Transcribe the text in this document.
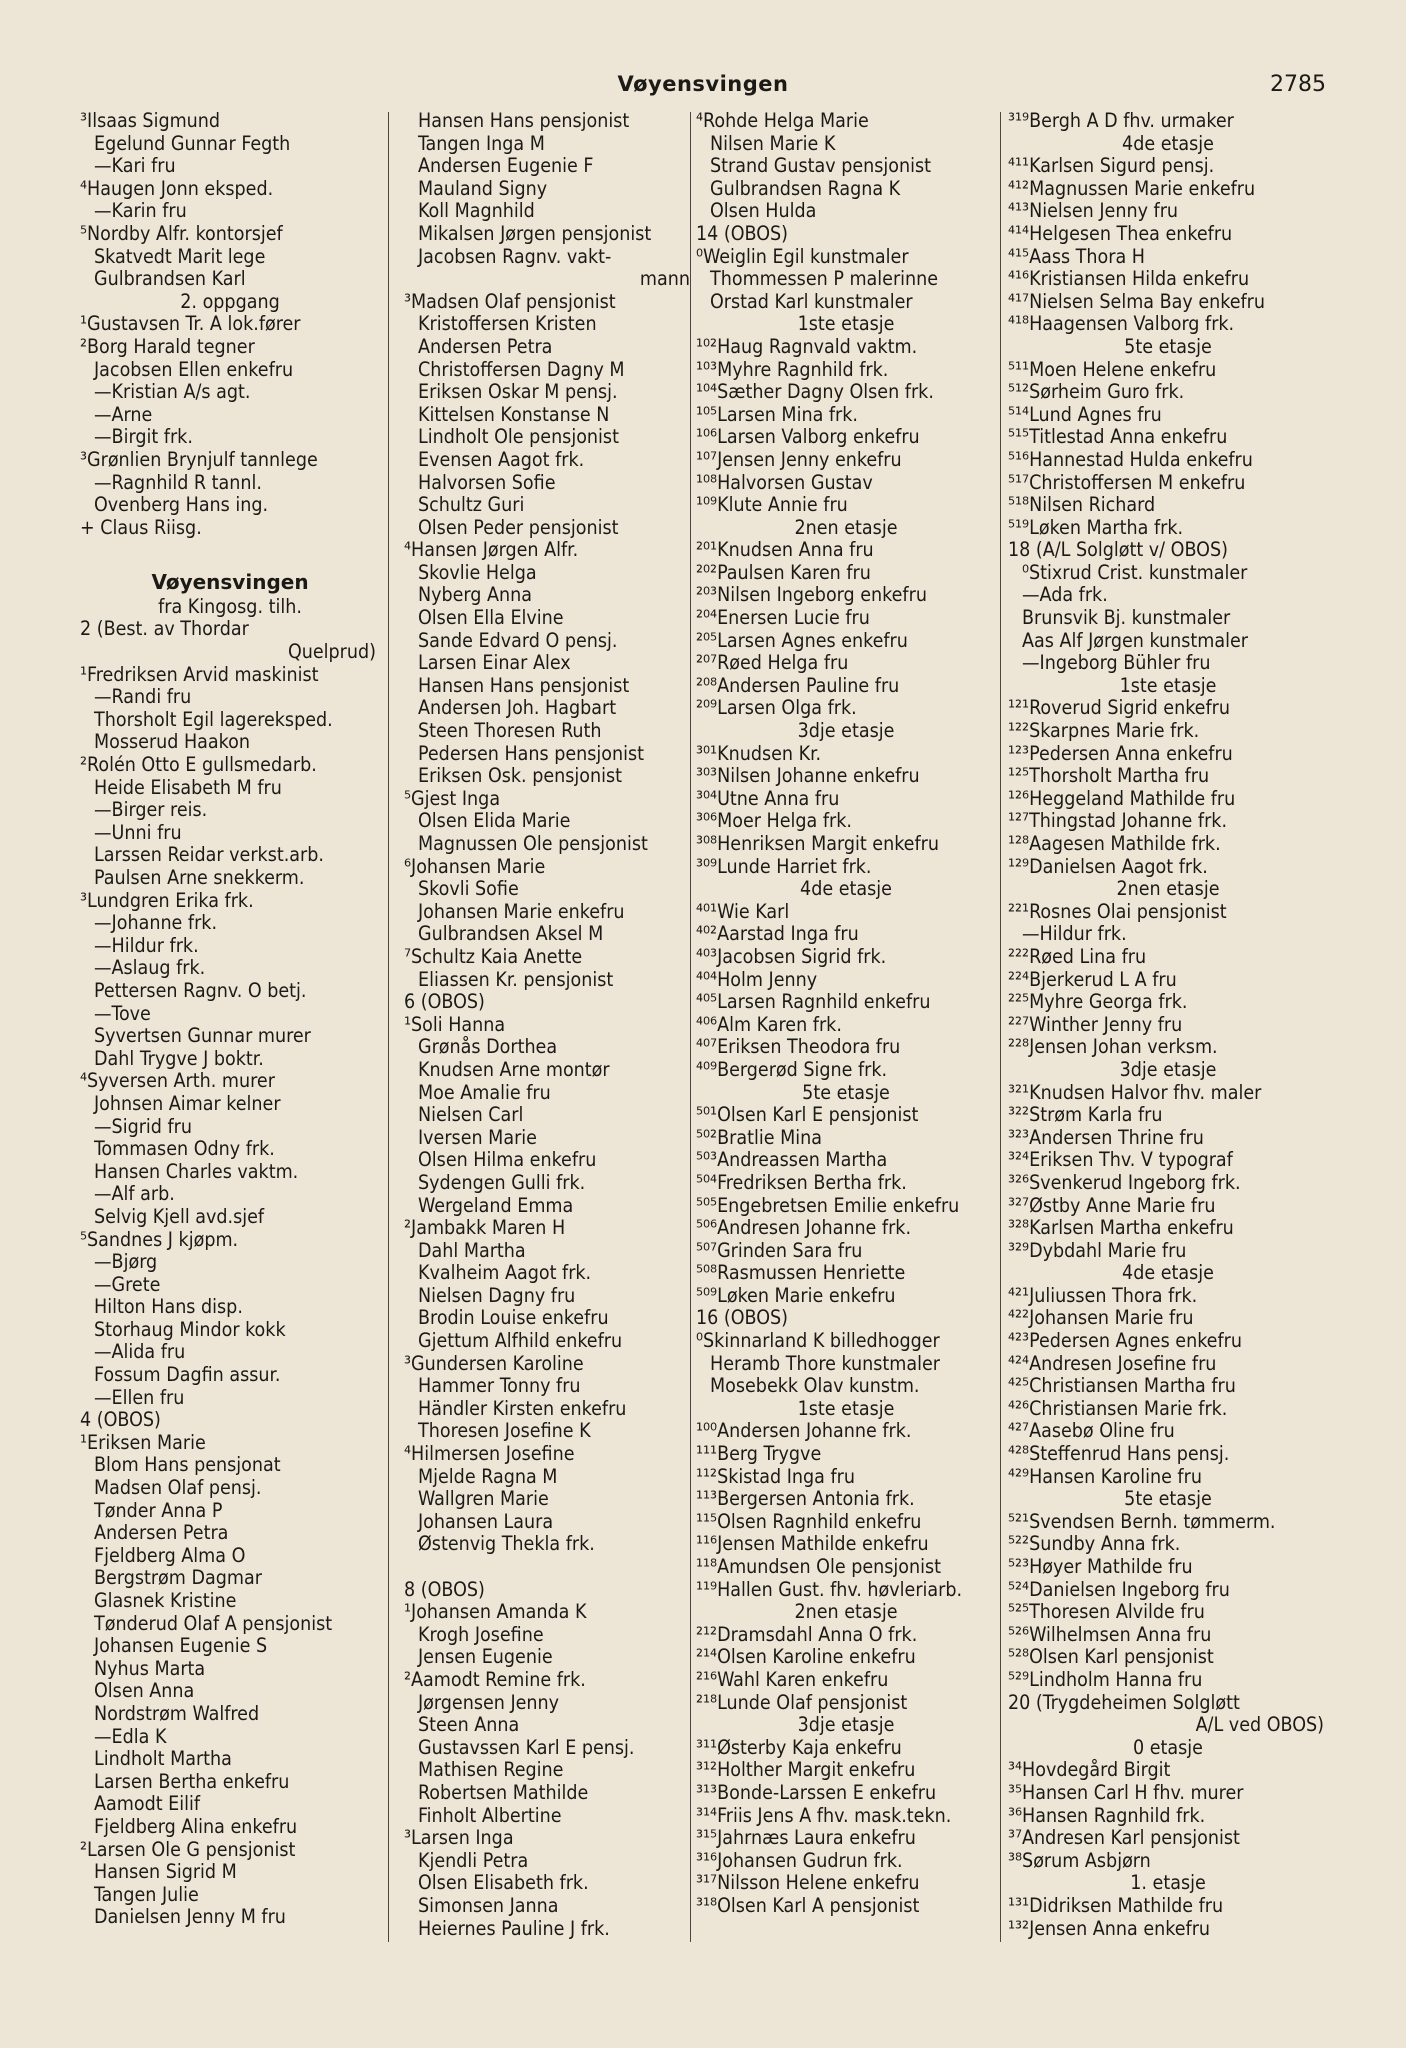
Vøyensvingen	2785
³Ilsaas Sigmund
Egelund Gunnar Fegth
—Kari fru
⁴Haugen Jonn eksped.
—Karin fru
⁵Nordby Alfr. kontorsjef
Skatvedt Marit lege
Gulbrandsen Karl
2. oppgang
¹Gustavsen Tr. A lok.fører
²Borg Harald tegner
Jacobsen Ellen enkefru
—Kristian A/s agt.
—Arne
—Birgit frk.
³Grønlien Brynjulf tannlege
—Ragnhild R tannl.
Ovenberg Hans ing.
+ Claus Riisg.
Vøyensvingen
fra Kingosg. tilh.
2 (Best. av Thordar
Quelprud)
¹Fredriksen Arvid maskinist
—Randi fru
Thorsholt Egil lagereksped.
Mosserud Haakon
²Rolén Otto E gullsmedarb.
Heide Elisabeth M fru
—Birger reis.
—Unni fru
Larssen Reidar verkst.arb.
Paulsen Arne snekkerm.
³Lundgren Erika frk.
—Johanne frk.
—Hildur frk.
—Aslaug frk.
Pettersen Ragnv. O betj.
—Tove
Syvertsen Gunnar murer
Dahl Trygve J boktr.
⁴Syversen Arth. murer
Johnsen Aimar kelner
—Sigrid fru
Tommasen Odny frk.
Hansen Charles vaktm.
—Alf arb.
Selvig Kjell avd.sjef
⁵Sandnes J kjøpm.
—Bjørg
—Grete
Hilton Hans disp.
Storhaug Mindor kokk
—Alida fru
Fossum Dagfin assur.
—Ellen fru
4 (OBOS)
¹Eriksen Marie
Blom Hans pensjonat
Madsen Olaf pensj.
Tønder Anna P
Andersen Petra
Fjeldberg Alma O
Bergstrøm Dagmar
Glasnek Kristine
Tønderud Olaf A pensjonist
Johansen Eugenie S
Nyhus Marta
Olsen Anna
Nordstrøm Walfred
—Edla K
Lindholt Martha
Larsen Bertha enkefru
Aamodt Eilif
Fjeldberg Alina enkefru
²Larsen Ole G pensjonist
Hansen Sigrid M
Tangen Julie
Danielsen Jenny M fru
Hansen Hans pensjonist
Tangen Inga M
Andersen Eugenie F
Mauland Signy
Koll Magnhild
Mikalsen Jørgen pensjonist
Jacobsen Ragnv. vakt-
mann
³Madsen Olaf pensjonist
Kristoffersen Kristen
Andersen Petra
Christoffersen Dagny M
Eriksen Oskar M pensj.
Kittelsen Konstanse N
Lindholt Ole pensjonist
Evensen Aagot frk.
Halvorsen Sofie
Schultz Guri
Olsen Peder pensjonist
⁴Hansen Jørgen Alfr.
Skovlie Helga
Nyberg Anna
Olsen Ella Elvine
Sande Edvard O pensj.
Larsen Einar Alex
Hansen Hans pensjonist
Andersen Joh. Hagbart
Steen Thoresen Ruth
Pedersen Hans pensjonist
Eriksen Osk. pensjonist
⁵Gjest Inga
Olsen Elida Marie
Magnussen Ole pensjonist
⁶Johansen Marie
Skovli Sofie
Johansen Marie enkefru
Gulbrandsen Aksel M
⁷Schultz Kaia Anette
Eliassen Kr. pensjonist
6 (OBOS)
¹Soli Hanna
Grønås Dorthea
Knudsen Arne montør
Moe Amalie fru
Nielsen Carl
Iversen Marie
Olsen Hilma enkefru
Sydengen Gulli frk.
Wergeland Emma
²Jambakk Maren H
Dahl Martha
Kvalheim Aagot frk.
Nielsen Dagny fru
Brodin Louise enkefru
Gjettum Alfhild enkefru
³Gundersen Karoline
Hammer Tonny fru
Händler Kirsten enkefru
Thoresen Josefine K
⁴Hilmersen Josefine
Mjelde Ragna M
Wallgren Marie
Johansen Laura
Østenvig Thekla frk.
8 (OBOS)
¹Johansen Amanda K
Krogh Josefine
Jensen Eugenie
²Aamodt Remine frk.
Jørgensen Jenny
Steen Anna
Gustavssen Karl E pensj.
Mathisen Regine
Robertsen Mathilde
Finholt Albertine
³Larsen Inga
Kjendli Petra
Olsen Elisabeth frk.
Simonsen Janna
Heiernes Pauline J frk.
⁴Rohde Helga Marie
Nilsen Marie K
Strand Gustav pensjonist
Gulbrandsen Ragna K
Olsen Hulda
14 (OBOS)
⁰Weiglin Egil kunstmaler
Thommessen P malerinne
Orstad Karl kunstmaler
1ste etasje
¹⁰²Haug Ragnvald vaktm.
¹⁰³Myhre Ragnhild frk.
¹⁰⁴Sæther Dagny Olsen frk.
¹⁰⁵Larsen Mina frk.
¹⁰⁶Larsen Valborg enkefru
¹⁰⁷Jensen Jenny enkefru
¹⁰⁸Halvorsen Gustav
¹⁰⁹Klute Annie fru
2nen etasje
²⁰¹Knudsen Anna fru
²⁰²Paulsen Karen fru
²⁰³Nilsen Ingeborg enkefru
²⁰⁴Enersen Lucie fru
²⁰⁵Larsen Agnes enkefru
²⁰⁷Røed Helga fru
²⁰⁸Andersen Pauline fru
²⁰⁹Larsen Olga frk.
3djе etasje
³⁰¹Knudsen Kr.
³⁰³Nilsen Johanne enkefru
³⁰⁴Utne Anna fru
³⁰⁶Moer Helga frk.
³⁰⁸Henriksen Margit enkefru
³⁰⁹Lunde Harriet frk.
4de etasje
⁴⁰¹Wie Karl
⁴⁰²Aarstad Inga fru
⁴⁰³Jacobsen Sigrid frk.
⁴⁰⁴Holm Jenny
⁴⁰⁵Larsen Ragnhild enkefru
⁴⁰⁶Alm Karen frk.
⁴⁰⁷Eriksen Theodora fru
⁴⁰⁹Bergerød Signe frk.
5te etasje
⁵⁰¹Olsen Karl E pensjonist
⁵⁰²Bratlie Mina
⁵⁰³Andreassen Martha
⁵⁰⁴Fredriksen Bertha frk.
⁵⁰⁵Engebretsen Emilie enkefru
⁵⁰⁶Andresen Johanne frk.
⁵⁰⁷Grinden Sara fru
⁵⁰⁸Rasmussen Henriette
⁵⁰⁹Løken Marie enkefru
16 (OBOS)
⁰Skinnarland K billedhogger
Heramb Thore kunstmaler
Mosebekk Olav kunstm.
1ste etasje
¹⁰⁰Andersen Johanne frk.
¹¹¹Berg Trygve
¹¹²Skistad Inga fru
¹¹³Bergersen Antonia frk.
¹¹⁵Olsen Ragnhild enkefru
¹¹⁶Jensen Mathilde enkefru
¹¹⁸Amundsen Ole pensjonist
¹¹⁹Hallen Gust. fhv. høvleriarb.
2nen etasje
²¹²Dramsdahl Anna O frk.
²¹⁴Olsen Karoline enkefru
²¹⁶Wahl Karen enkefru
²¹⁸Lunde Olaf pensjonist
3dje etasje
³¹¹Østerby Kaja enkefru
³¹²Holther Margit enkefru
³¹³Bonde-Larssen E enkefru
³¹⁴Friis Jens A fhv. mask.tekn.
³¹⁵Jahrnæs Laura enkefru
³¹⁶Johansen Gudrun frk.
³¹⁷Nilsson Helene enkefru
³¹⁸Olsen Karl A pensjonist
³¹⁹Bergh A D fhv. urmaker
4de etasje
⁴¹¹Karlsen Sigurd pensj.
⁴¹²Magnussen Marie enkefru
⁴¹³Nielsen Jenny fru
⁴¹⁴Helgesen Thea enkefru
⁴¹⁵Aass Thora H
⁴¹⁶Kristiansen Hilda enkefru
⁴¹⁷Nielsen Selma Bay enkefru
⁴¹⁸Haagensen Valborg frk.
5te etasje
⁵¹¹Moen Helene enkefru
⁵¹²Sørheim Guro frk.
⁵¹⁴Lund Agnes fru
⁵¹⁵Titlestad Anna enkefru
⁵¹⁶Hannestad Hulda enkefru
⁵¹⁷Christoffersen M enkefru
⁵¹⁸Nilsen Richard
⁵¹⁹Løken Martha frk.
18 (A/L Solgløtt v/ OBOS)
⁰Stixrud Crist. kunstmaler
—Ada frk.
Brunsvik Bj. kunstmaler
Aas Alf Jørgen kunstmaler
—Ingeborg Bühler fru
1ste etasje
¹²¹Roverud Sigrid enkefru
¹²²Skarpnes Marie frk.
¹²³Pedersen Anna enkefru
¹²⁵Thorsholt Martha fru
¹²⁶Heggeland Mathilde fru
¹²⁷Thingstad Johanne frk.
¹²⁸Aagesen Mathilde frk.
¹²⁹Danielsen Aagot frk.
2nen etasje
²²¹Rosnes Olai pensjonist
—Hildur frk.
²²²Røed Lina fru
²²⁴Bjerkerud L A fru
²²⁵Myhre Georga frk.
²²⁷Winther Jenny fru
²²⁸Jensen Johan verksm.
3dje etasje
³²¹Knudsen Halvor fhv. maler
³²²Strøm Karla fru
³²³Andersen Thrine fru
³²⁴Eriksen Thv. V typograf
³²⁶Svenkerud Ingeborg frk.
³²⁷Østby Anne Marie fru
³²⁸Karlsen Martha enkefru
³²⁹Dybdahl Marie fru
4de etasje
⁴²¹Juliussen Thora frk.
⁴²²Johansen Marie fru
⁴²³Pedersen Agnes enkefru
⁴²⁴Andresen Josefine fru
⁴²⁵Christiansen Martha fru
⁴²⁶Christiansen Marie frk.
⁴²⁷Aasebø Oline fru
⁴²⁸Steffenrud Hans pensj.
⁴²⁹Hansen Karoline fru
5te etasje
⁵²¹Svendsen Bernh. tømmerm.
⁵²²Sundby Anna frk.
⁵²³Høyer Mathilde fru
⁵²⁴Danielsen Ingeborg fru
⁵²⁵Thoresen Alvilde fru
⁵²⁶Wilhelmsen Anna fru
⁵²⁸Olsen Karl pensjonist
⁵²⁹Lindholm Hanna fru
20 (Trygdeheimen Solgløtt
A/L ved OBOS)
0 etasje
³⁴Hovdegård Birgit
³⁵Hansen Carl H fhv. murer
³⁶Hansen Ragnhild frk.
³⁷Andresen Karl pensjonist
³⁸Sørum Asbjørn
1. etasje
¹³¹Didriksen Mathilde fru
¹³²Jensen Anna enkefru
